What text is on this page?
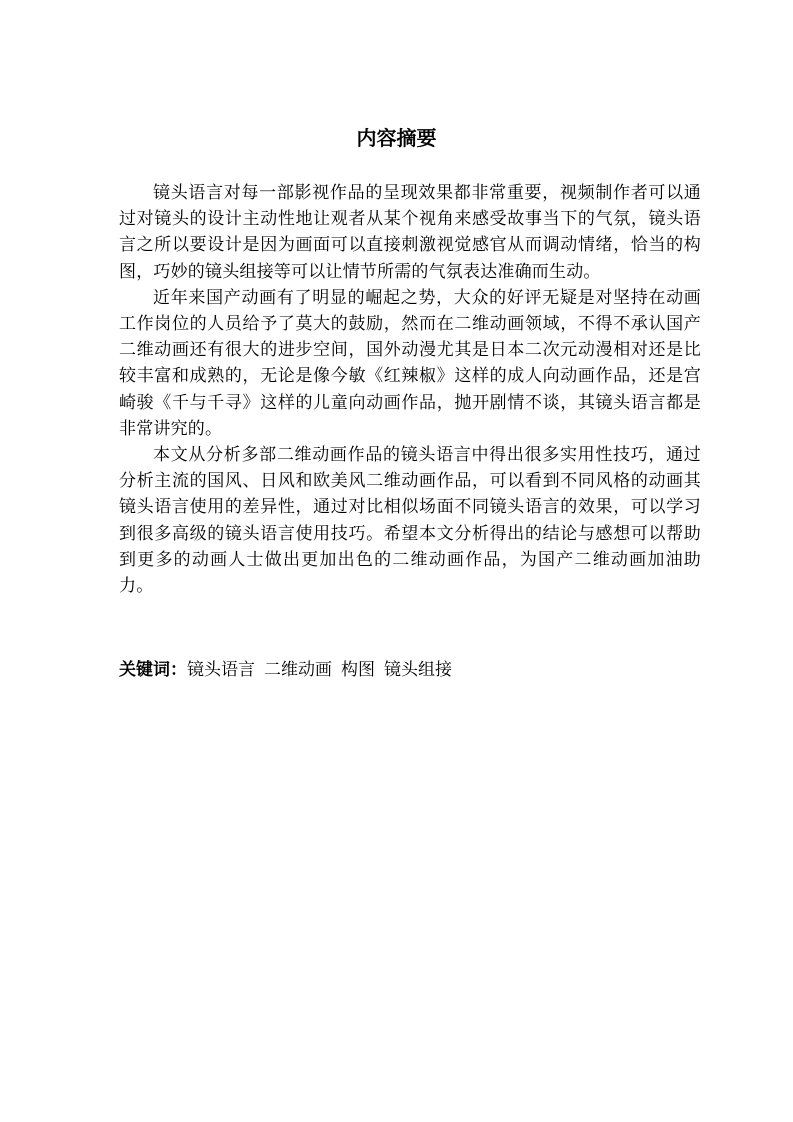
内容摘要

镜头语言对每一部影视作品的呈现效果都非常重要，视频制作者可以通过对镜头的设计主动性地让观者从某个视角来感受故事当下的气氛，镜头语言之所以要设计是因为画面可以直接刺激视觉感官从而调动情绪，恰当的构图，巧妙的镜头组接等可以让情节所需的气氛表达准确而生动。

近年来国产动画有了明显的崛起之势，大众的好评无疑是对坚持在动画工作岗位的人员给予了莫大的鼓励，然而在二维动画领域，不得不承认国产二维动画还有很大的进步空间，国外动漫尤其是日本二次元动漫相对还是比较丰富和成熟的，无论是像今敏《红辣椒》这样的成人向动画作品，还是宫崎骏《千与千寻》这样的儿童向动画作品，抛开剧情不谈，其镜头语言都是非常讲究的。

本文从分析多部二维动画作品的镜头语言中得出很多实用性技巧，通过分析主流的国风、日风和欧美风二维动画作品，可以看到不同风格的动画其镜头语言使用的差异性，通过对比相似场面不同镜头语言的效果，可以学习到很多高级的镜头语言使用技巧。希望本文分析得出的结论与感想可以帮助到更多的动画人士做出更加出色的二维动画作品，为国产二维动画加油助力。

关键词：镜头语言 二维动画 构图 镜头组接
